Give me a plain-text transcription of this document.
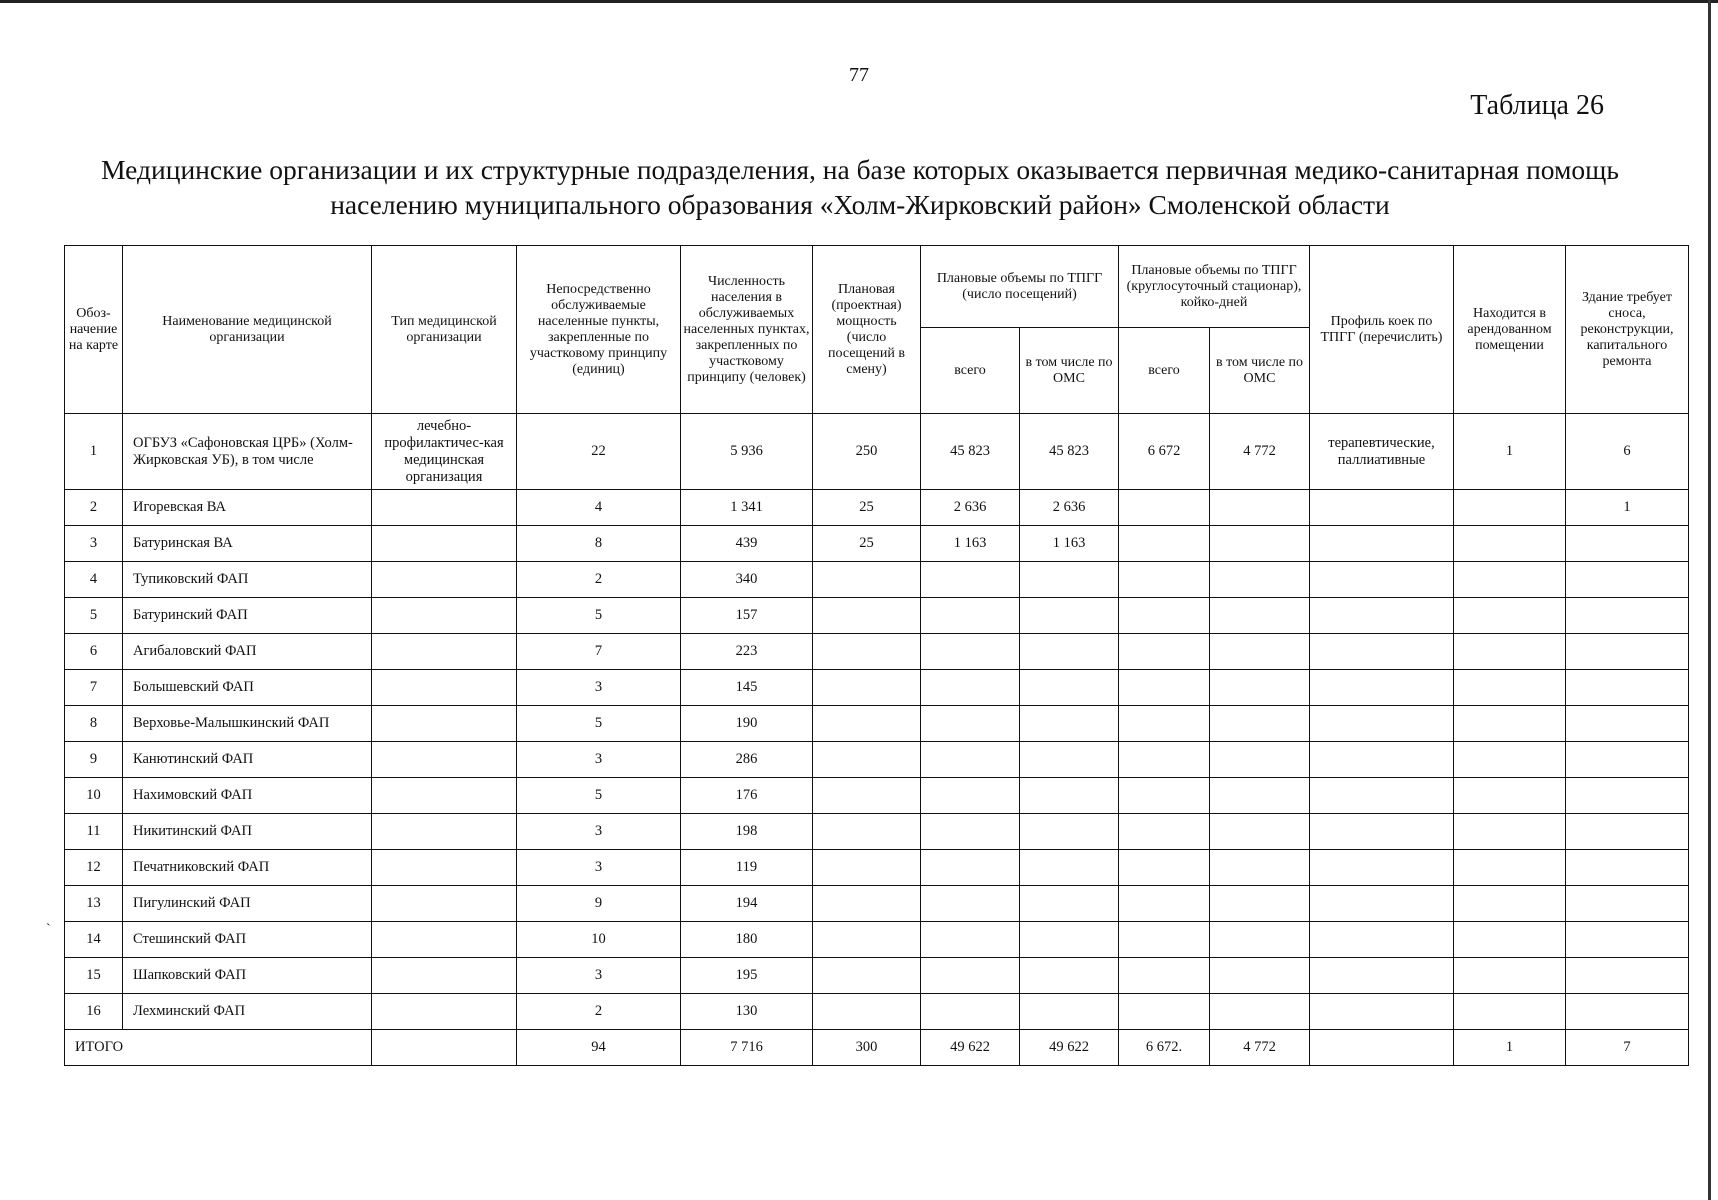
77
Таблица 26
Медицинские организации и их структурные подразделения, на базе которых оказывается первичная медико-санитарная помощь
населению муниципального образования «Холм-Жирковский район» Смоленской области
Обоз-
начение
на карте	Наименование медицинской организации	Тип медицинской организации	Непосредственно обслуживаемые населенные пункты, закрепленные по участковому принципу (единиц)	Численность населения в обслуживаемых населенных пунктах, закрепленных по участковому принципу (человек)	Плановая (проектная) мощность (число посещений в смену)	Плановые объемы по ТПГГ (число посещений)		Плановые объемы по ТПГГ (круглосуточный стационар), койко-дней		Профиль коек по ТПГГ (перечислить)	Находится в арендованном помещении	Здание требует сноса, реконструкции, капитального ремонта
						всего	в том числе по ОМС	всего	в том числе по ОМС			
1	ОГБУЗ «Сафоновская ЦРБ» (Холм-Жирковская УБ), в том числе	лечебно-профилактичес-кая медицинская организация	22	5 936	250	45 823	45 823	6 672	4 772	терапевтические, паллиативные	1	6
2	Игоревская ВА		4	1 341	25	2 636	2 636					1
3	Батуринская ВА		8	439	25	1 163	1 163					
4	Тупиковский ФАП		2	340								
5	Батуринский ФАП		5	157								
6	Агибаловский ФАП		7	223								
7	Болышевский ФАП		3	145								
8	Верховье-Малышкинский ФАП		5	190								
9	Канютинский ФАП		3	286								
10	Нахимовский ФАП		5	176								
11	Никитинский ФАП		3	198								
12	Печатниковский ФАП		3	119								
13	Пигулинский ФАП		9	194								
14	Стешинский ФАП		10	180								
15	Шапковский ФАП		3	195								
16	Лехминский ФАП		2	130								
ИТОГО			94	7 716	300	49 622	49 622	6 672.	4 772		1	7
ˋ
